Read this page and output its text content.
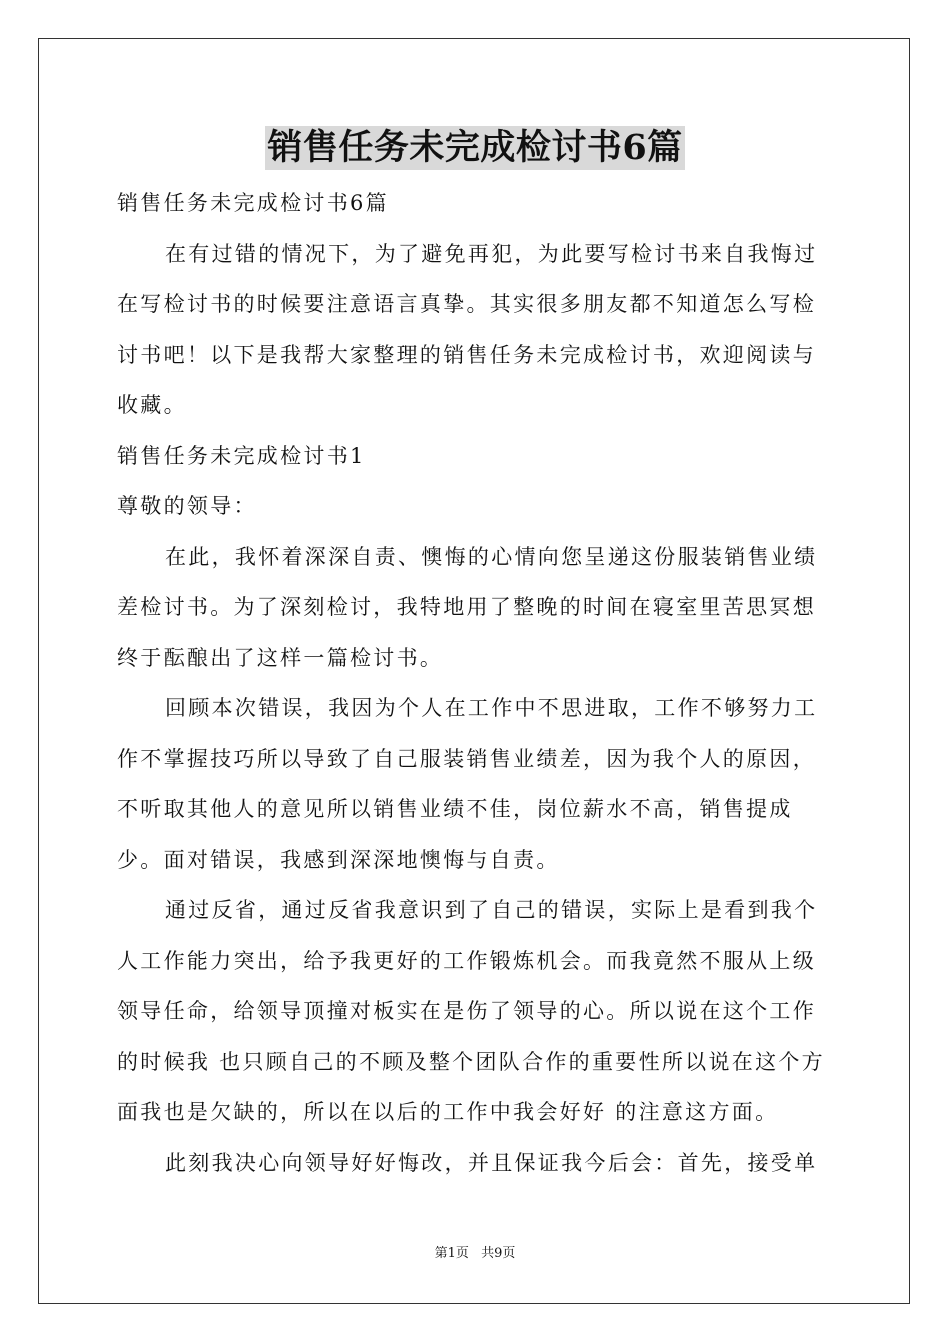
销售任务未完成检讨书6篇

销售任务未完成检讨书6篇

在有过错的情况下，为了避免再犯，为此要写检讨书来自我悔过在写检讨书的时候要注意语言真挚。其实很多朋友都不知道怎么写检讨书吧！以下是我帮大家整理的销售任务未完成检讨书，欢迎阅读与收藏。

销售任务未完成检讨书1

尊敬的领导：

在此，我怀着深深自责、懊悔的心情向您呈递这份服装销售业绩差检讨书。为了深刻检讨，我特地用了整晚的时间在寝室里苦思冥想终于酝酿出了这样一篇检讨书。

回顾本次错误，我因为个人在工作中不思进取，工作不够努力工作不掌握技巧所以导致了自己服装销售业绩差，因为我个人的原因，不听取其他人的意见所以销售业绩不佳，岗位薪水不高，销售提成少。面对错误，我感到深深地懊悔与自责。

通过反省，通过反省我意识到了自己的错误，实际上是看到我个人工作能力突出，给予我更好的工作锻炼机会。而我竟然不服从上级领导任命，给领导顶撞对板实在是伤了领导的心。所以说在这个工作的时候我 也只顾自己的不顾及整个团队合作的重要性所以说在这个方面我也是欠缺的，所以在以后的工作中我会好好 的注意这方面。

此刻我决心向领导好好悔改，并且保证我今后会：首先，接受单

第1页 共9页
